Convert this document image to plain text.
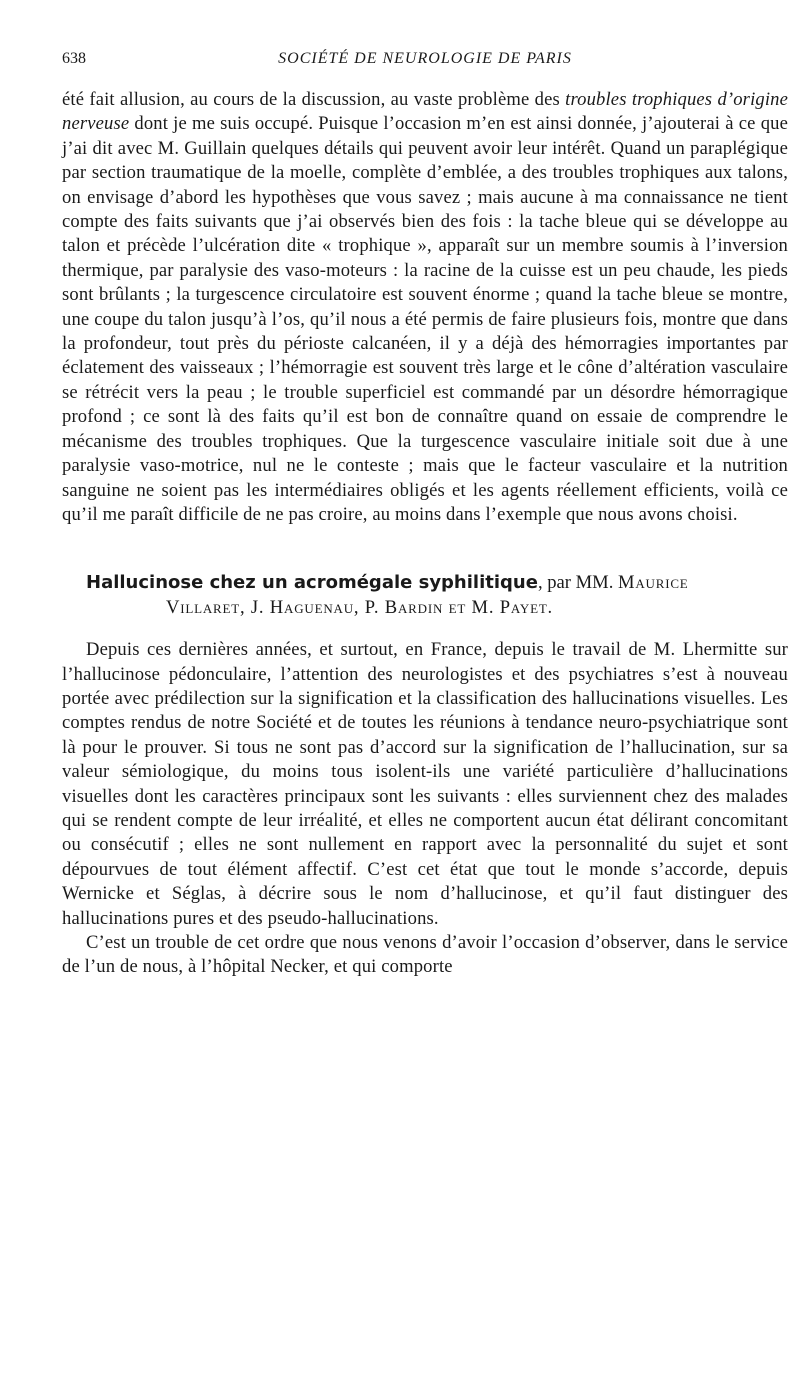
638	SOCIÉTÉ DE NEUROLOGIE DE PARIS

été fait allusion, au cours de la discussion, au vaste problème des troubles trophiques d’origine nerveuse dont je me suis occupé. Puisque l’occasion m’en est ainsi donnée, j’ajouterai à ce que j’ai dit avec M. Guillain quelques détails qui peuvent avoir leur intérêt. Quand un paraplégique par section traumatique de la moelle, complète d’emblée, a des troubles trophiques aux talons, on envisage d’abord les hypothèses que vous savez ; mais aucune à ma connaissance ne tient compte des faits suivants que j’ai observés bien des fois : la tache bleue qui se développe au talon et précède l’ulcération dite « trophique », apparaît sur un membre soumis à l’inversion thermique, par paralysie des vaso-moteurs : la racine de la cuisse est un peu chaude, les pieds sont brûlants ; la turgescence circulatoire est souvent énorme ; quand la tache bleue se montre, une coupe du talon jusqu’à l’os, qu’il nous a été permis de faire plusieurs fois, montre que dans la profondeur, tout près du périoste calcanéen, il y a déjà des hémorragies importantes par éclatement des vaisseaux ; l’hémorragie est souvent très large et le cône d’altération vasculaire se rétrécit vers la peau ; le trouble superficiel est commandé par un désordre hémorragique profond ; ce sont là des faits qu’il est bon de connaître quand on essaie de comprendre le mécanisme des troubles trophiques. Que la turgescence vasculaire initiale soit due à une paralysie vaso-motrice, nul ne le conteste ; mais que le facteur vasculaire et la nutrition sanguine ne soient pas les intermédiaires obligés et les agents réellement efficients, voilà ce qu’il me paraît difficile de ne pas croire, au moins dans l’exemple que nous avons choisi.

Hallucinose chez un acromégale syphilitique, par MM. Maurice
Villaret, J. Haguenau, P. Bardin et M. Payet.

Depuis ces dernières années, et surtout, en France, depuis le travail de M. Lhermitte sur l’hallucinose pédonculaire, l’attention des neurologistes et des psychiatres s’est à nouveau portée avec prédilection sur la signification et la classification des hallucinations visuelles. Les comptes rendus de notre Société et de toutes les réunions à tendance neuro-psychiatrique sont là pour le prouver. Si tous ne sont pas d’accord sur la signification de l’hallucination, sur sa valeur sémiologique, du moins tous isolent-ils une variété particulière d’hallucinations visuelles dont les caractères principaux sont les suivants : elles surviennent chez des malades qui se rendent compte de leur irréalité, et elles ne comportent aucun état délirant concomitant ou consécutif ; elles ne sont nullement en rapport avec la personnalité du sujet et sont dépourvues de tout élément affectif. C’est cet état que tout le monde s’accorde, depuis Wernicke et Séglas, à décrire sous le nom d’hallucinose, et qu’il faut distinguer des hallucinations pures et des pseudo-hallucinations.

C’est un trouble de cet ordre que nous venons d’avoir l’occasion d’observer, dans le service de l’un de nous, à l’hôpital Necker, et qui comporte
